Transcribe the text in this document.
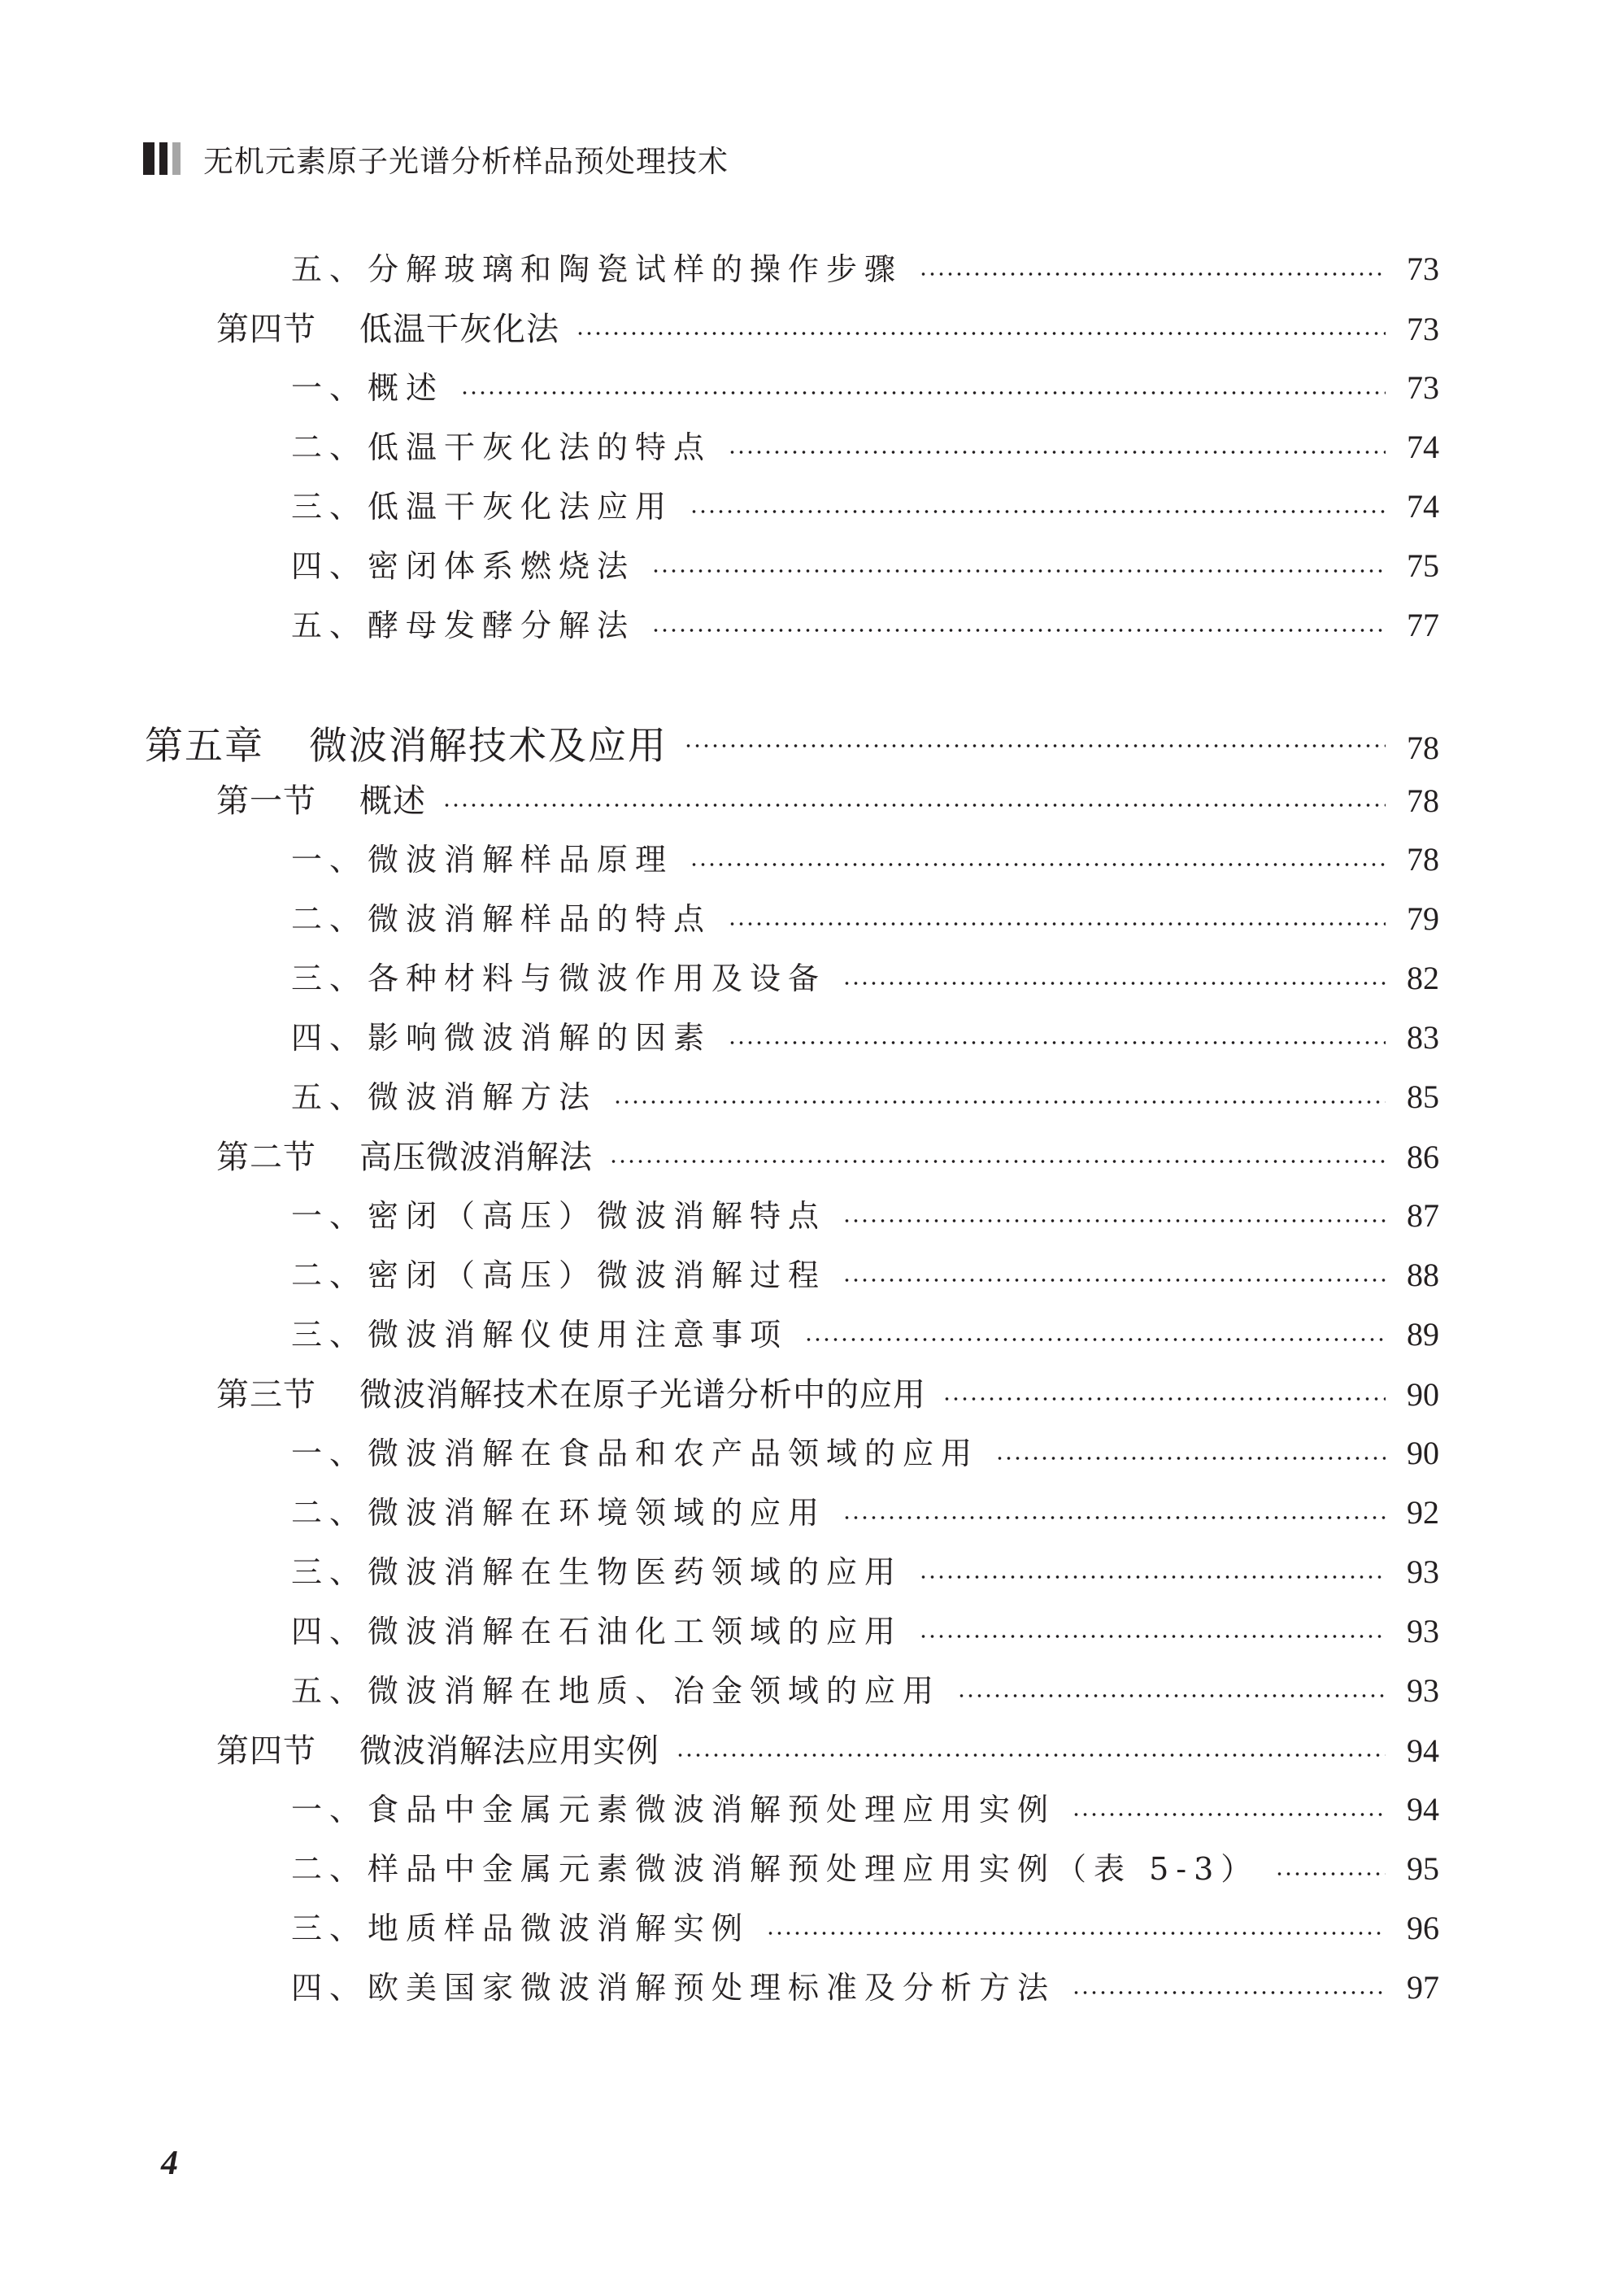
无机元素原子光谱分析样品预处理技术
五、分解玻璃和陶瓷试样的操作步骤	73
第四节 低温干灰化法	73
一、概述	73
二、低温干灰化法的特点	74
三、低温干灰化法应用	74
四、密闭体系燃烧法	75
五、酵母发酵分解法	77
第五章 微波消解技术及应用	78
第一节 概述	78
一、微波消解样品原理	78
二、微波消解样品的特点	79
三、各种材料与微波作用及设备	82
四、影响微波消解的因素	83
五、微波消解方法	85
第二节 高压微波消解法	86
一、密闭（高压）微波消解特点	87
二、密闭（高压）微波消解过程	88
三、微波消解仪使用注意事项	89
第三节 微波消解技术在原子光谱分析中的应用	90
一、微波消解在食品和农产品领域的应用	90
二、微波消解在环境领域的应用	92
三、微波消解在生物医药领域的应用	93
四、微波消解在石油化工领域的应用	93
五、微波消解在地质、冶金领域的应用	93
第四节 微波消解法应用实例	94
一、食品中金属元素微波消解预处理应用实例	94
二、样品中金属元素微波消解预处理应用实例（表 5-3）	95
三、地质样品微波消解实例	96
四、欧美国家微波消解预处理标准及分析方法	97
4
